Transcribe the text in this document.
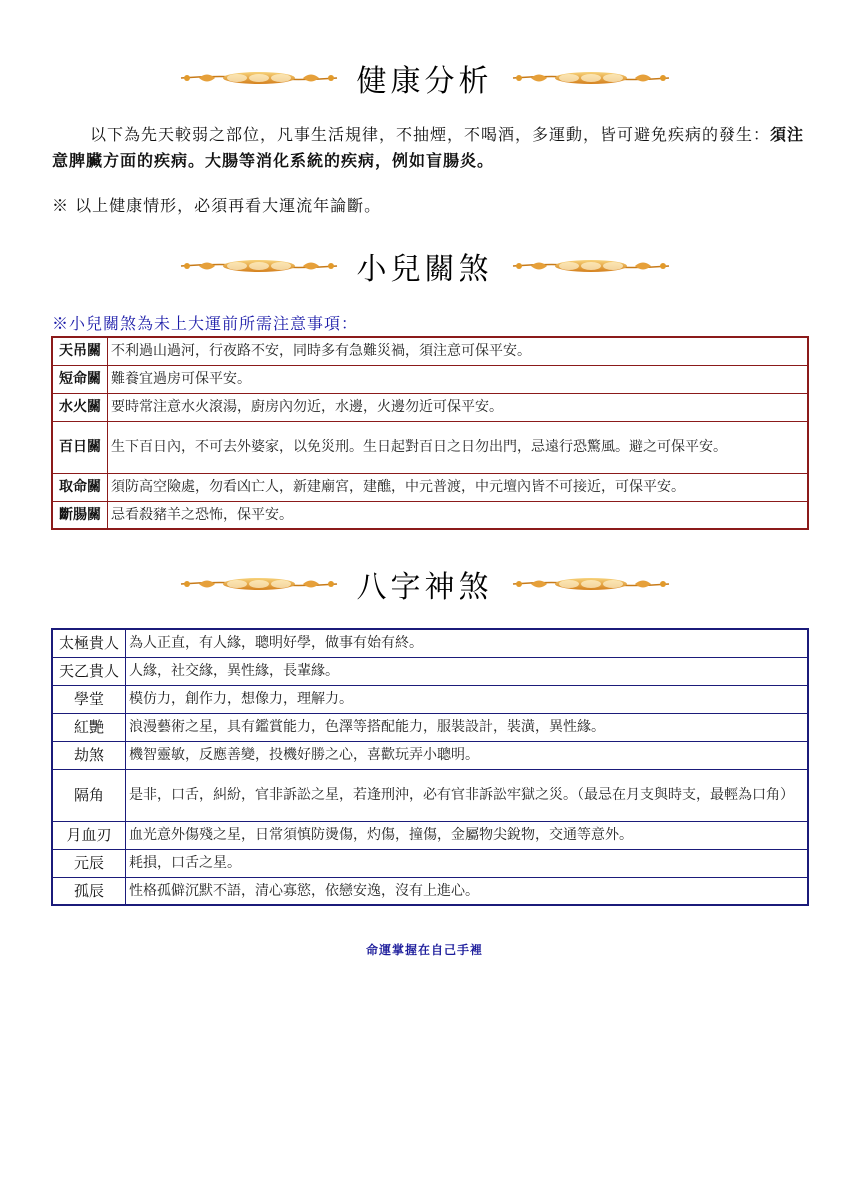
健康分析

以下為先天較弱之部位，凡事生活規律，不抽煙，不喝酒，多運動，皆可避免疾病的發生：須注意脾臟方面的疾病。大腸等消化系統的疾病，例如盲腸炎。

※ 以上健康情形，必須再看大運流年論斷。

小兒關煞

※小兒關煞為未上大運前所需注意事項：

天吊關	不利過山過河，行夜路不安，同時多有急難災禍，須注意可保平安。
短命關	難養宜過房可保平安。
水火關	要時常注意水火滾湯，廚房內勿近，水邊，火邊勿近可保平安。
百日關	生下百日內，不可去外婆家，以免災刑。生日起對百日之日勿出門，忌遠行恐驚風。避之可保平安。
取命關	須防高空險處，勿看凶亡人，新建廟宮，建醮，中元普渡，中元壇內皆不可接近，可保平安。
斷腸關	忌看殺豬羊之恐怖，保平安。
八字神煞
太極貴人	為人正直，有人緣，聰明好學，做事有始有終。
天乙貴人	人緣，社交緣，異性緣，長輩緣。
學堂	模仿力，創作力，想像力，理解力。
紅艷	浪漫藝術之星，具有鑑賞能力，色澤等搭配能力，服裝設計，裝潢，異性緣。
劫煞	機智靈敏，反應善變，投機好勝之心，喜歡玩弄小聰明。
隔角	是非，口舌，糾紛，官非訴訟之星，若逢刑沖，必有官非訴訟牢獄之災。（最忌在月支與時支，最輕為口角）
月血刃	血光意外傷殘之星，日常須慎防燙傷，灼傷，撞傷，金屬物尖銳物，交通等意外。
元辰	耗損，口舌之星。
孤辰	性格孤僻沉默不語，清心寡慾，依戀安逸，沒有上進心。

命運掌握在自己手裡
